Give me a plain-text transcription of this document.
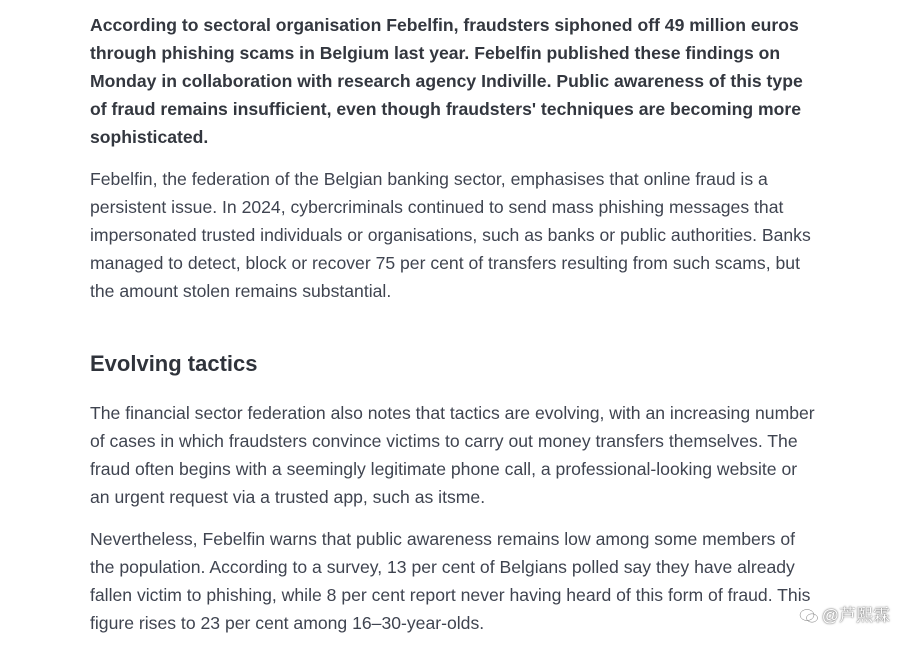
According to sectoral organisation Febelfin, fraudsters siphoned off 49 million euros through phishing scams in Belgium last year. Febelfin published these findings on Monday in collaboration with research agency Indiville. Public awareness of this type of fraud remains insufficient, even though fraudsters' techniques are becoming more sophisticated.

Febelfin, the federation of the Belgian banking sector, emphasises that online fraud is a persistent issue. In 2024, cybercriminals continued to send mass phishing messages that impersonated trusted individuals or organisations, such as banks or public authorities. Banks managed to detect, block or recover 75 per cent of transfers resulting from such scams, but the amount stolen remains substantial.

Evolving tactics

The financial sector federation also notes that tactics are evolving, with an increasing number of cases in which fraudsters convince victims to carry out money transfers themselves. The fraud often begins with a seemingly legitimate phone call, a professional-looking website or an urgent request via a trusted app, such as itsme.

Nevertheless, Febelfin warns that public awareness remains low among some members of the population. According to a survey, 13 per cent of Belgians polled say they have already fallen victim to phishing, while 8 per cent report never having heard of this form of fraud. This figure rises to 23 per cent among 16–30-year-olds.	@芦熙霖
